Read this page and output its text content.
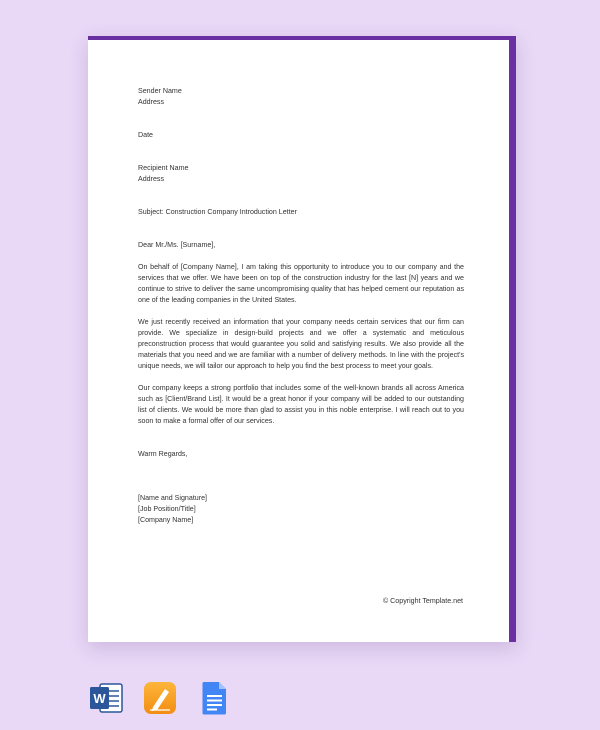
Sender Name
Address
Date
Recipient Name
Address
Subject: Construction Company Introduction Letter
Dear Mr./Ms. [Surname],

On behalf of [Company Name], I am taking this opportunity to introduce you to our company and the services that we offer. We have been on top of the construction industry for the last [N] years and we continue to strive to deliver the same uncompromising quality that has helped cement our reputation as one of the leading companies in the United States.

We just recently received an information that your company needs certain services that our firm can provide. We specialize in design-build projects and we offer a systematic and meticulous preconstruction process that would guarantee you solid and satisfying results. We also provide all the materials that you need and we are familiar with a number of delivery methods. In line with the project's unique needs, we will tailor our approach to help you find the best process to meet your goals.

Our company keeps a strong portfolio that includes some of the well-known brands all across America such as [Client/Brand List]. It would be a great honor if your company will be added to our outstanding list of clients. We would be more than glad to assist you in this noble enterprise. I will reach out to you soon to make a formal offer of our services.

Warm Regards,
[Name and Signature]
[Job Position/Title]
[Company Name]
© Copyright Template.net
W
